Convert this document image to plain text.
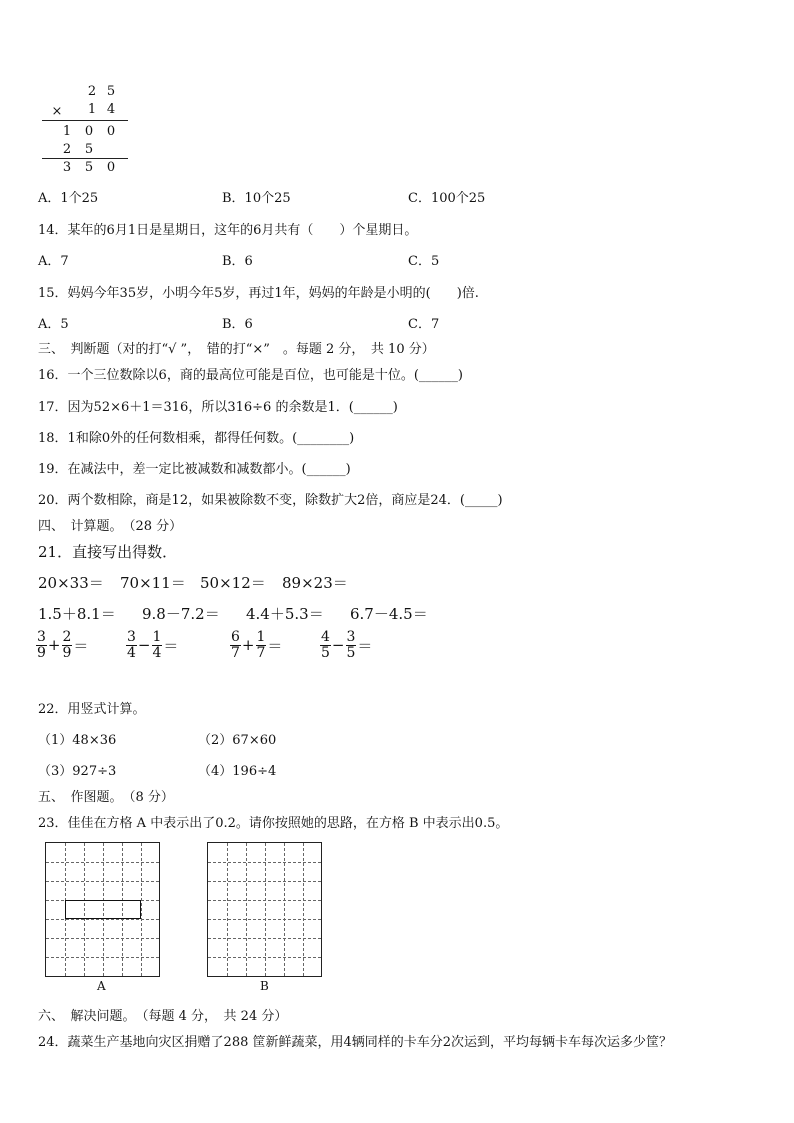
2 5
×	1 4
1	0	0
2	5
3	5	0
A．1个25	B．10个25	C．100个25
14．某年的6月1日是星期日，这年的6月共有（　　）个星期日。
A．7	B．6	C．5
15．妈妈今年35岁，小明今年5岁，再过1年，妈妈的年龄是小明的(　　)倍.
A．5	B．6	C．7
三、　判断题（对的打“√ ”，　错的打“×”　。每题 2 分，　共 10 分）
16．一个三位数除以6，商的最高位可能是百位，也可能是十位。(______)
17．因为52×6＋1＝316，所以316÷6 的余数是1．(______)
18．1和除0外的任何数相乘，都得任何数。(________)
19．在减法中，差一定比被减数和减数都小。(______)
20．两个数相除，商是12，如果被除数不变，除数扩大2倍，商应是24．(_____)
四、　计算题。　（28 分）
21．直接写出得数．
20×33＝ 70×11＝ 50×12＝ 89×23＝
1.5＋8.1＝ 9.8－7.2＝ 4.4＋5.3＝ 6.7－4.5＝
$\frac{3}{9} + \frac{2}{9}$ ＝	$\frac{3}{4} - \frac{1}{4}$ ＝	$\frac{6}{7} + \frac{1}{7}$ ＝	$\frac{4}{5} - \frac{3}{5}$ ＝
22．用竖式计算。
（1）48×36	（2）67×60
（3）927÷3	（4）196÷4
五、　作图题。　（8 分）
23．佳佳在方格 A 中表示出了0.2。请你按照她的思路，在方格 B 中表示出0.5。
A	B
六、　解决问题。　（每题 4 分，　共 24 分）
24．蔬菜生产基地向灾区捐赠了288 筐新鲜蔬菜，用4辆同样的卡车分2次运到，平均每辆卡车每次运多少筐？
